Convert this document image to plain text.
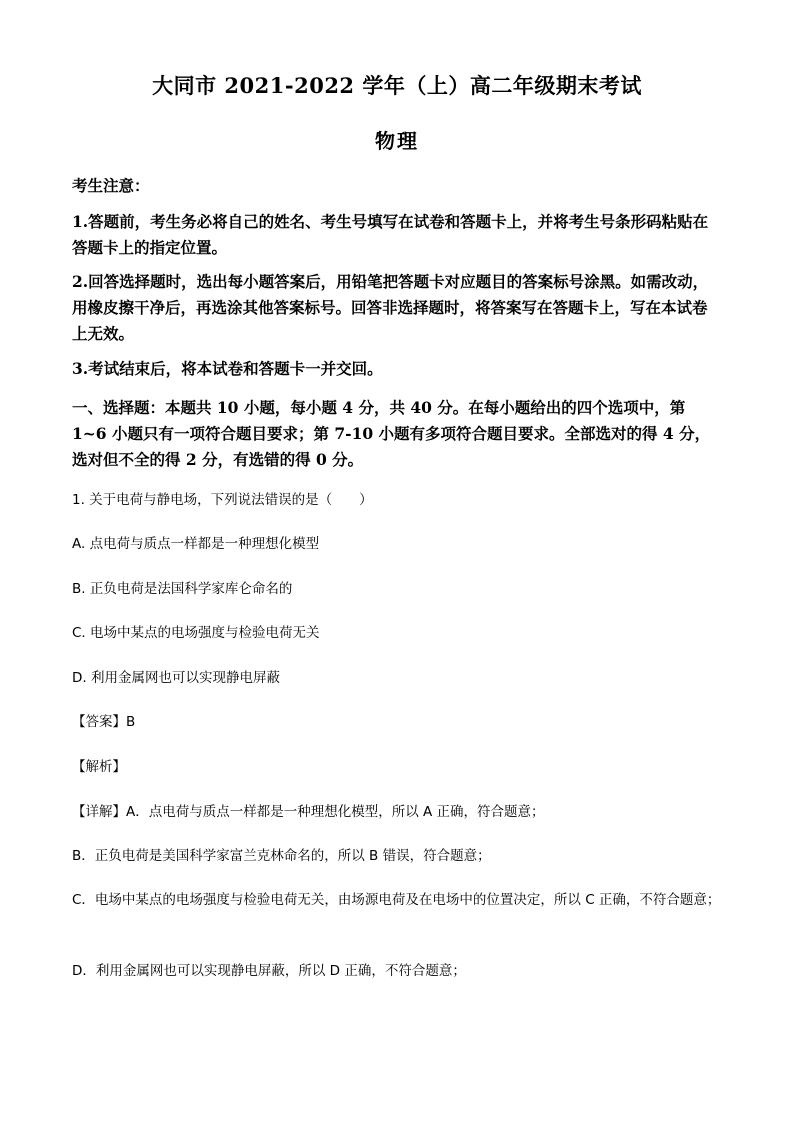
大同市 2021-2022 学年（上）高二年级期末考试
物理
考生注意：
1.答题前，考生务必将自己的姓名、考生号填写在试卷和答题卡上，并将考生号条形码粘贴在答题卡上的指定位置。
2.回答选择题时，选出每小题答案后，用铅笔把答题卡对应题目的答案标号涂黑。如需改动，用橡皮擦干净后，再选涂其他答案标号。回答非选择题时，将答案写在答题卡上，写在本试卷上无效。
3.考试结束后，将本试卷和答题卡一并交回。
一、选择题：本题共 10 小题，每小题 4 分，共 40 分。在每小题给出的四个选项中，第 1~6 小题只有一项符合题目要求；第 7-10 小题有多项符合题目要求。全部选对的得 4 分，选对但不全的得 2 分，有选错的得 0 分。
1. 关于电荷与静电场，下列说法错误的是（　　）
A. 点电荷与质点一样都是一种理想化模型
B. 正负电荷是法国科学家库仑命名的
C. 电场中某点的电场强度与检验电荷无关
D. 利用金属网也可以实现静电屏蔽
【答案】B
【解析】
【详解】A．点电荷与质点一样都是一种理想化模型，所以 A 正确，符合题意；
B．正负电荷是美国科学家富兰克林命名的，所以 B 错误，符合题意；
C．电场中某点的电场强度与检验电荷无关，由场源电荷及在电场中的位置决定，所以 C 正确，不符合题意；
D．利用金属网也可以实现静电屏蔽，所以 D 正确，不符合题意；
